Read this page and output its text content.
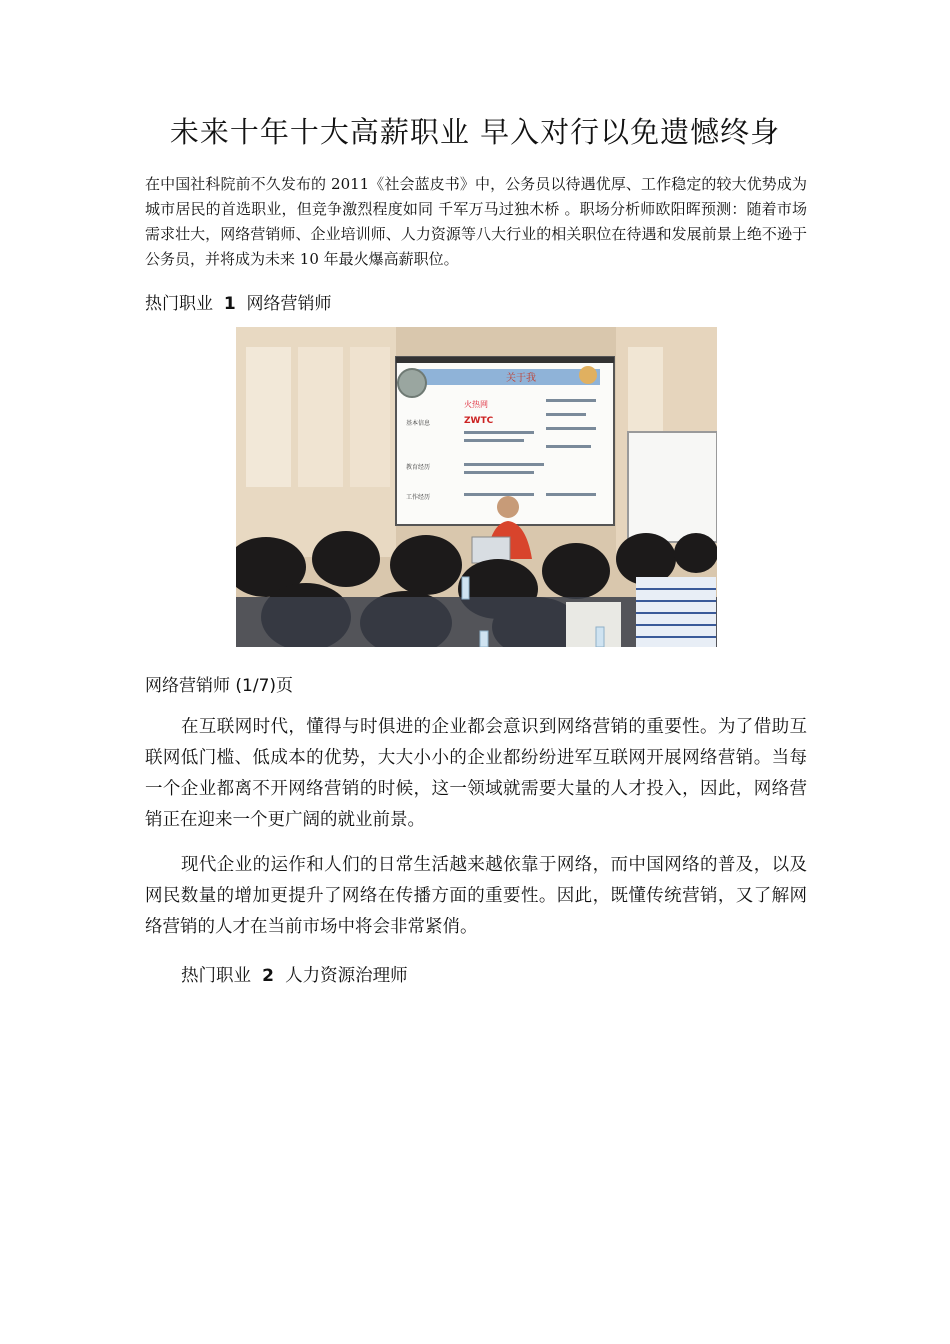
未来十年十大高薪职业 早入对行以免遗憾终身

在中国社科院前不久发布的 2011《社会蓝皮书》中，公务员以待遇优厚、工作稳定的较大优势成为城市居民的首选职业，但竞争激烈程度如同 千军万马过独木桥 。职场分析师欧阳晖预测：随着市场需求壮大，网络营销师、企业培训师、人力资源等八大行业的相关职位在待遇和发展前景上绝不逊于公务员，并将成为未来 10 年最火爆高薪职位。

热门职业 1 网络营销师

关于我
火热网
ZWTC
基本信息
教育经历
工作经历

网络营销师 (1/7)页

在互联网时代，懂得与时俱进的企业都会意识到网络营销的重要性。为了借助互联网低门槛、低成本的优势，大大小小的企业都纷纷进军互联网开展网络营销。当每一个企业都离不开网络营销的时候，这一领域就需要大量的人才投入，因此，网络营销正在迎来一个更广阔的就业前景。

现代企业的运作和人们的日常生活越来越依靠于网络，而中国网络的普及，以及网民数量的增加更提升了网络在传播方面的重要性。因此，既懂传统营销，又了解网络营销的人才在当前市场中将会非常紧俏。

热门职业 2 人力资源治理师
